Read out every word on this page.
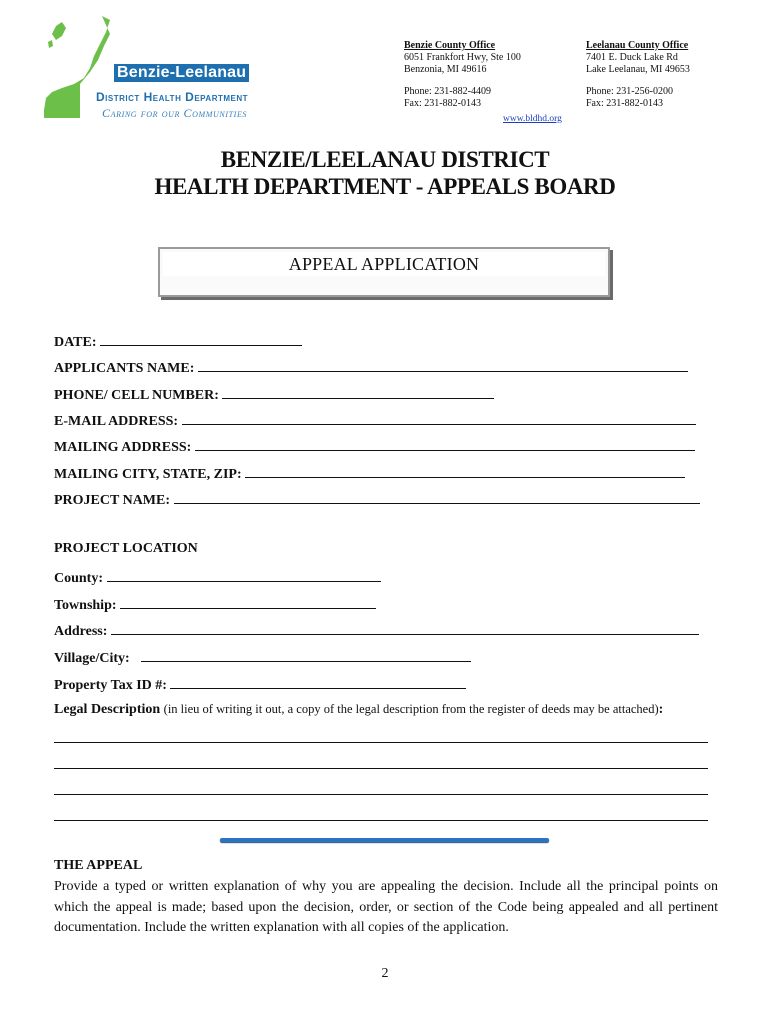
Benzie-Leelanau
District Health Department
Caring for our Communities
Benzie County Office
6051 Frankfort Hwy, Ste 100
Benzonia, MI 49616
Phone: 231-882-4409
Fax: 231-882-0143
Leelanau County Office
7401 E. Duck Lake Rd
Lake Leelanau, MI 49653
Phone: 231-256-0200
Fax: 231-882-0143
www.bldhd.org
BENZIE/LEELANAU DISTRICT
HEALTH DEPARTMENT - APPEALS BOARD
APPEAL APPLICATION
DATE:
APPLICANTS NAME:
PHONE/ CELL NUMBER:
E-MAIL ADDRESS:
MAILING ADDRESS:
MAILING CITY, STATE, ZIP:
PROJECT NAME:
PROJECT LOCATION
County:
Township:
Address:
Village/City:
Property Tax ID #:
Legal Description (in lieu of writing it out, a copy of the legal description from the register of deeds may be attached):
THE APPEAL
Provide a typed or written explanation of why you are appealing the decision. Include all the principal points on which the appeal is made; based upon the decision, order, or section of the Code being appealed and all pertinent documentation. Include the written explanation with all copies of the application.
2
